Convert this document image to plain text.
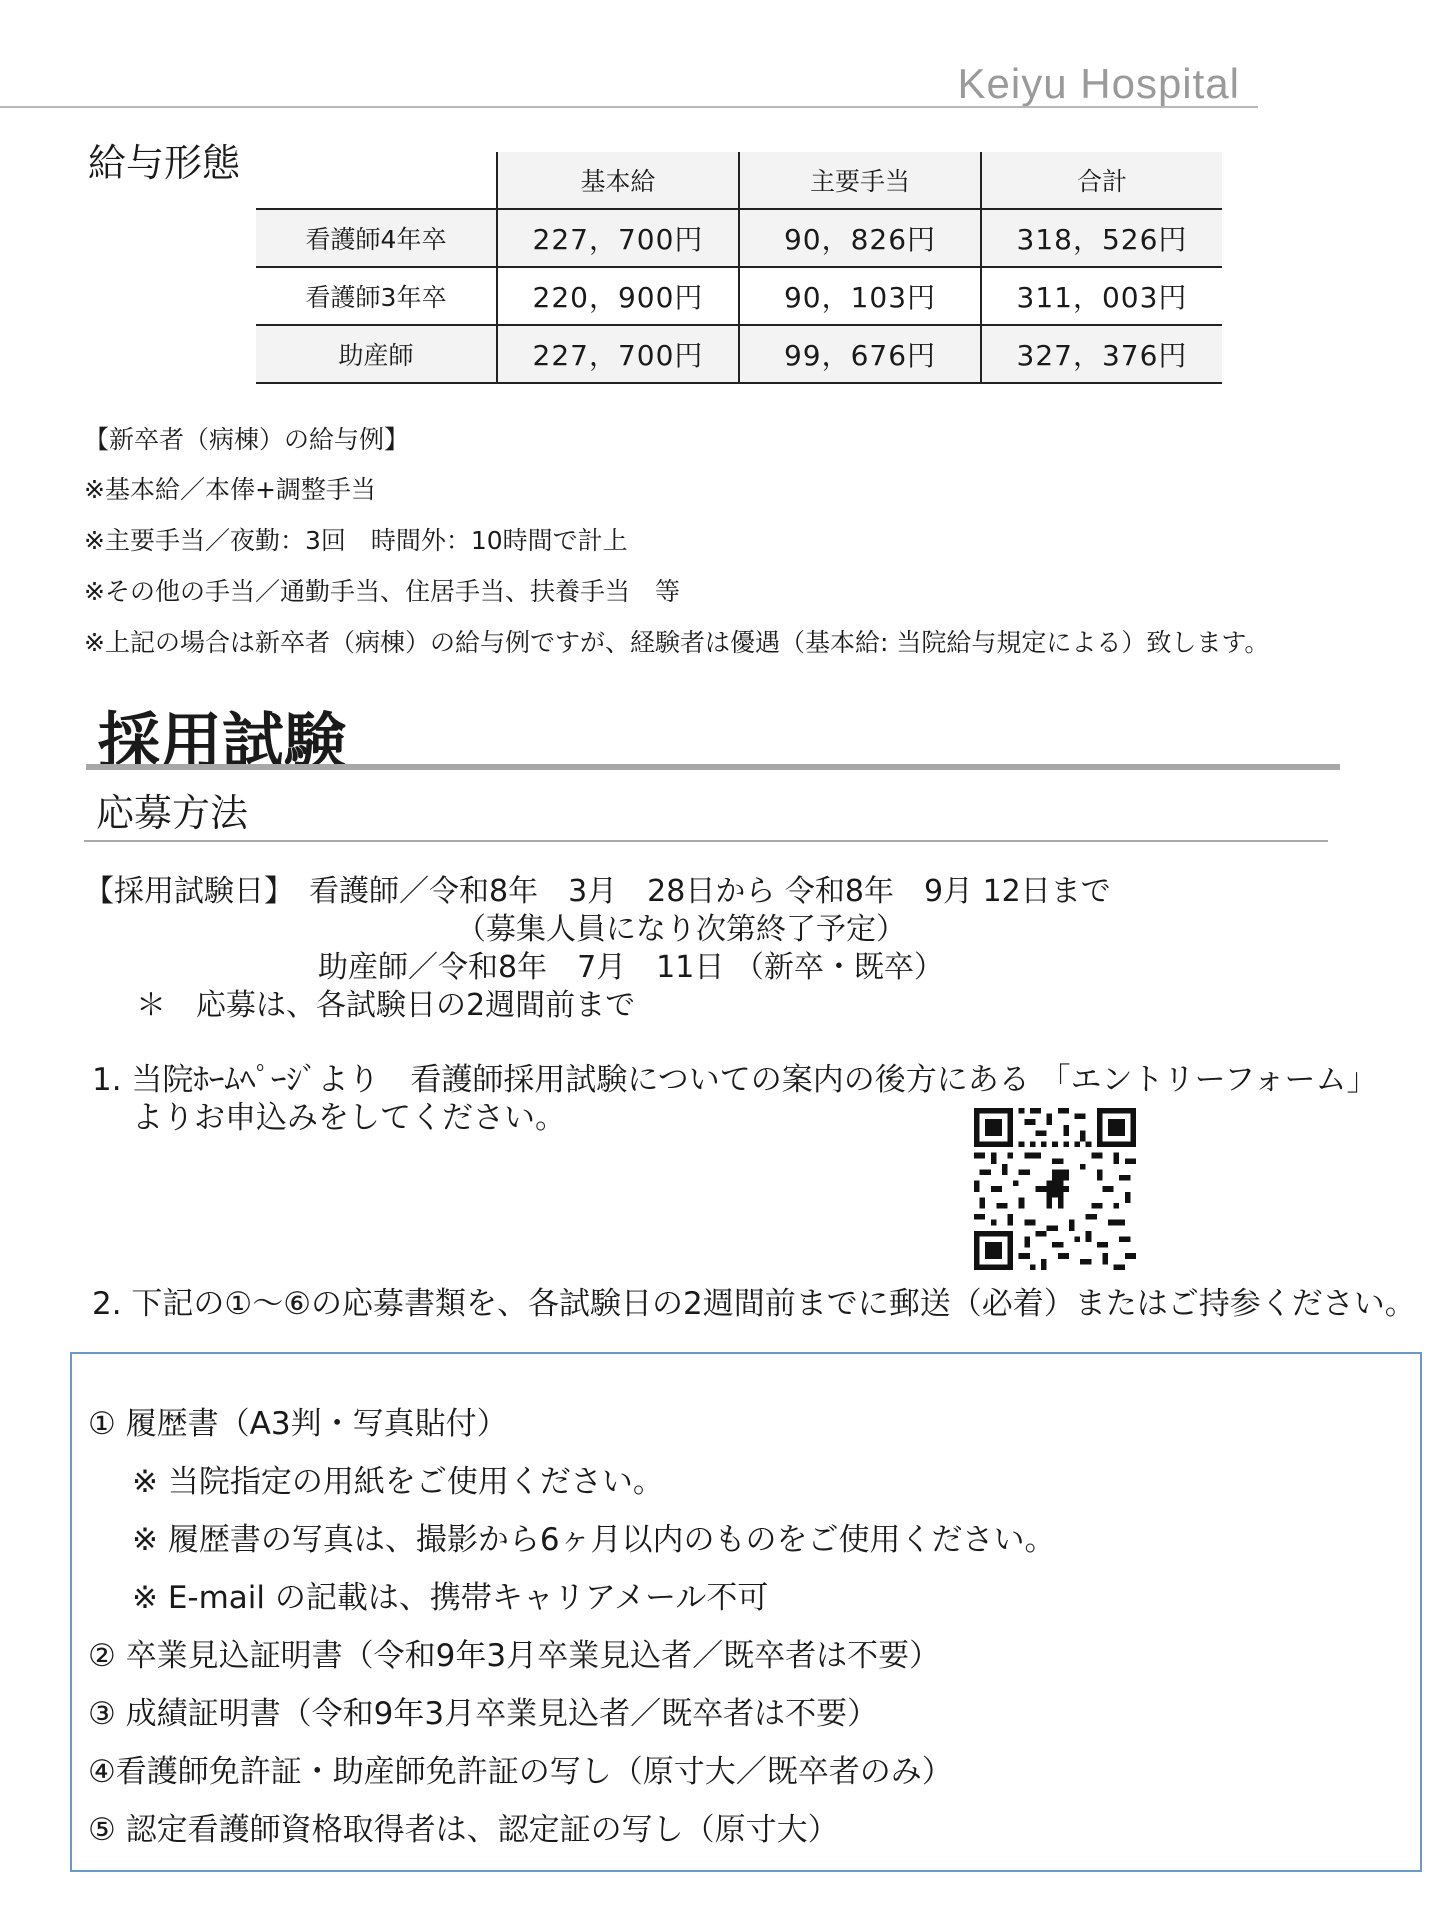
Keiyu Hospital
給与形態
		基本給	主要手当	合計
看護師4年卒	227，700円	90，826円	318，526円
看護師3年卒	220，900円	90，103円	311，003円
助産師	227，700円	99，676円	327，376円
【新卒者（病棟）の給与例】
※基本給／本俸+調整手当
※主要手当／夜勤：3回　時間外：10時間で計上
※その他の手当／通勤手当、住居手当、扶養手当　等
※上記の場合は新卒者（病棟）の給与例ですが、経験者は優遇（基本給: 当院給与規定による）致します。
採用試験
応募方法
【採用試験日】　看護師／令和8年　3月　28日から 令和8年　9月 12日まで
（募集人員になり次第終了予定）
助産師／令和8年　7月　11日 （新卒・既卒）
＊　応募は、各試験日の2週間前まで
1. 当院ﾎｰﾑﾍﾟｰｼﾞより　看護師採用試験についての案内の後方にある 「エントリーフォーム」
よりお申込みをしてください。
2. 下記の①～⑥の応募書類を、各試験日の2週間前までに郵送（必着）またはご持参ください。
① 履歴書（A3判・写真貼付）
※ 当院指定の用紙をご使用ください。
※ 履歴書の写真は、撮影から6ヶ月以内のものをご使用ください。
※ E-mail の記載は、携帯キャリアメール不可
② 卒業見込証明書（令和9年3月卒業見込者／既卒者は不要）
③ 成績証明書（令和9年3月卒業見込者／既卒者は不要）
④看護師免許証・助産師免許証の写し（原寸大／既卒者のみ）
⑤ 認定看護師資格取得者は、認定証の写し（原寸大）
